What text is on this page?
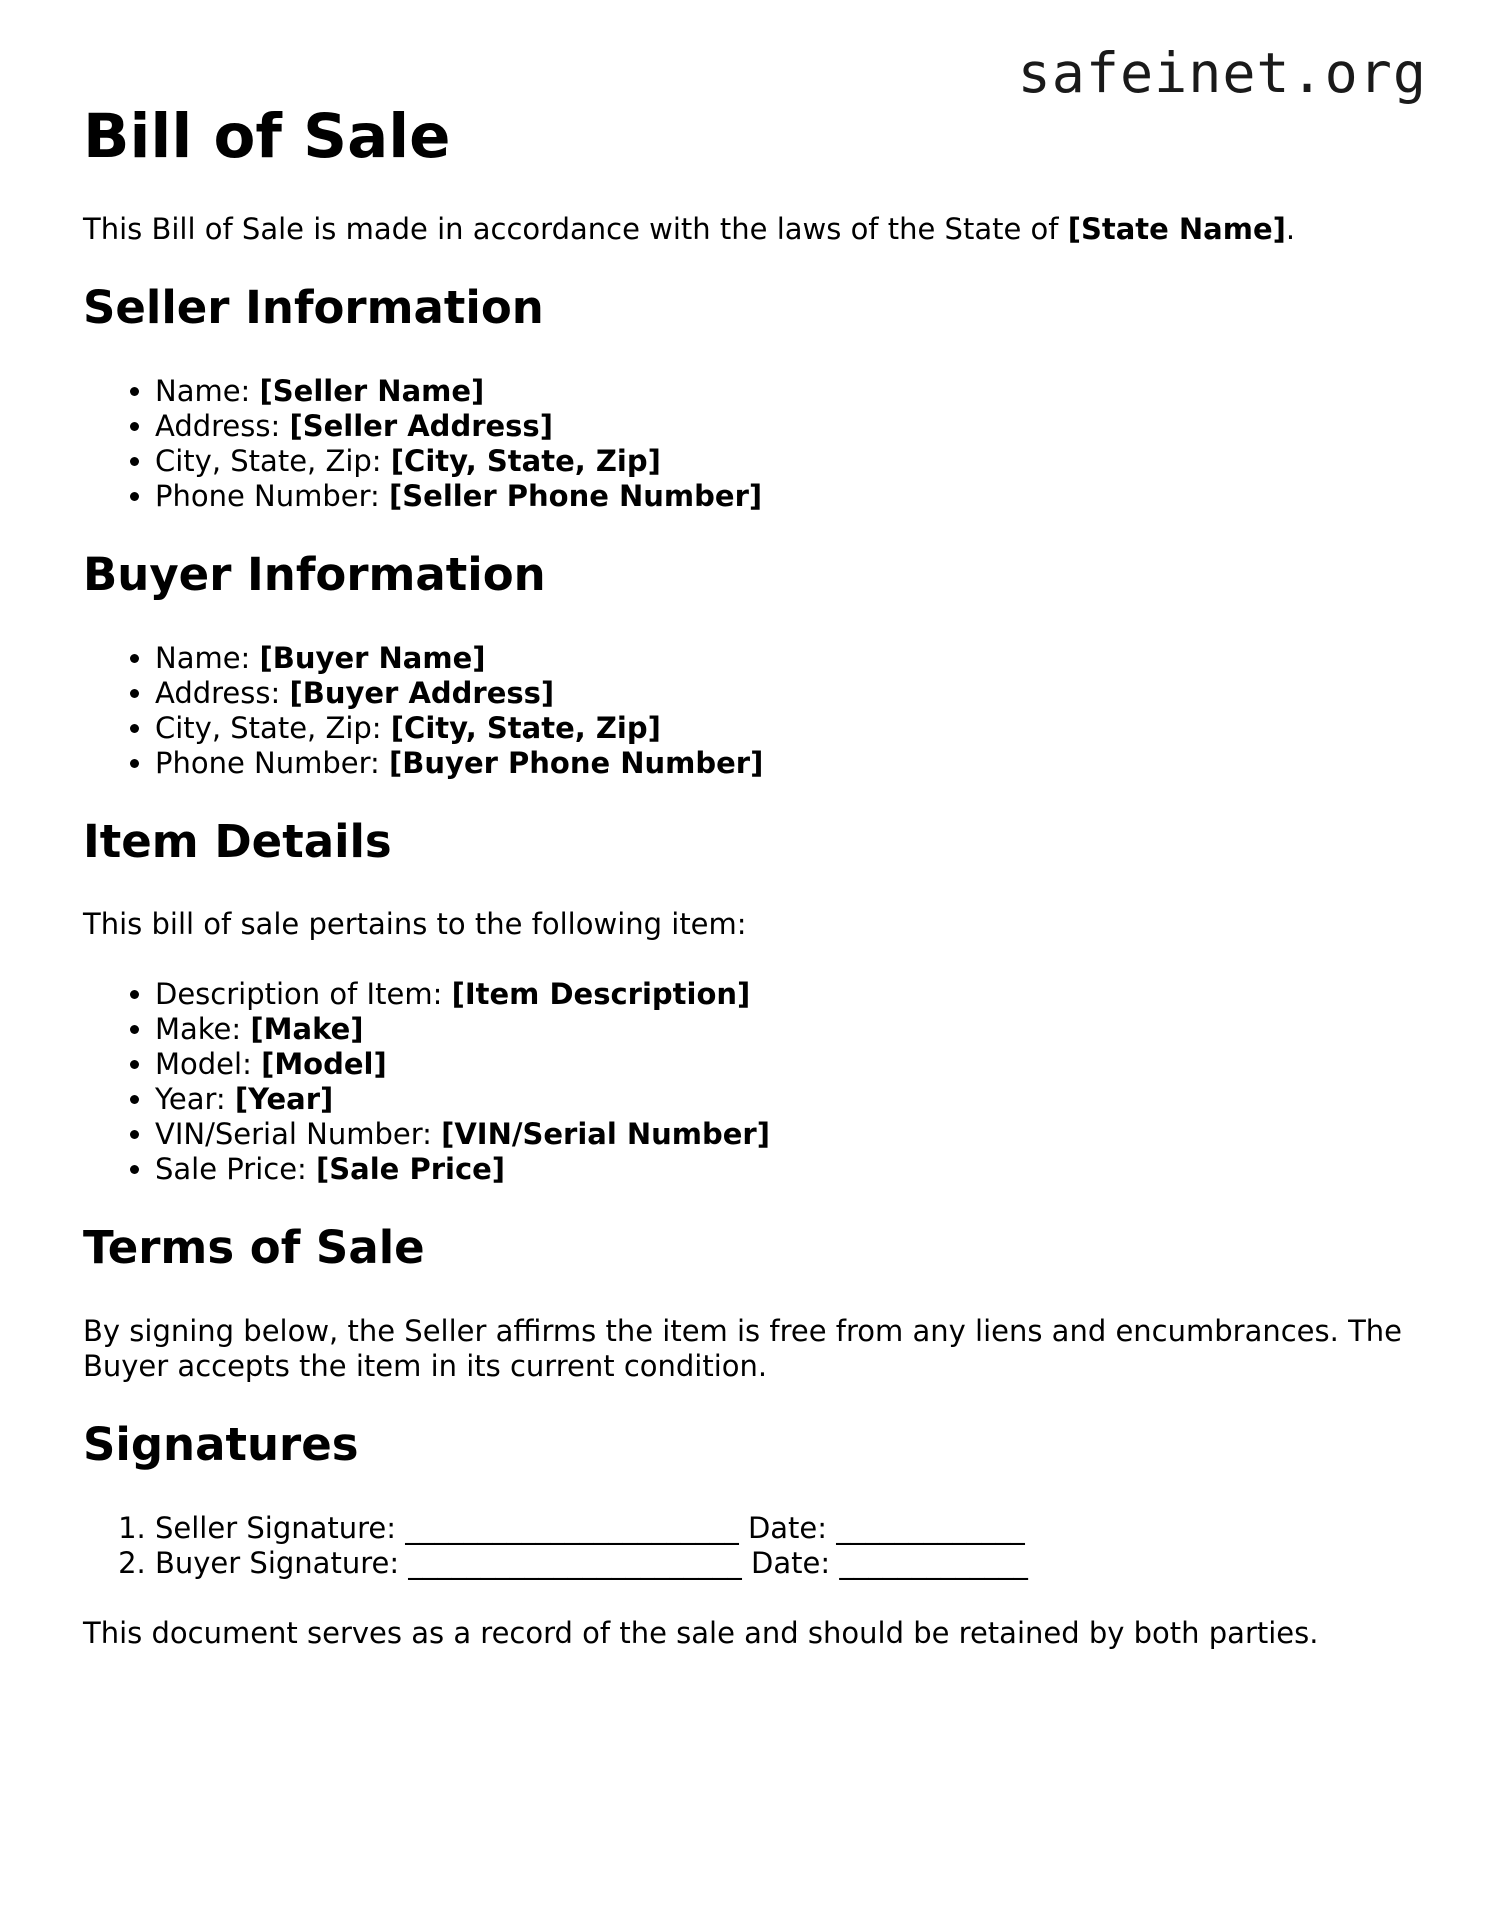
safeinet.org
Bill of Sale

This Bill of Sale is made in accordance with the laws of the State of [State Name].

Seller Information
• Name: [Seller Name]
• Address: [Seller Address]
• City, State, Zip: [City, State, Zip]
• Phone Number: [Seller Phone Number]
Buyer Information
• Name: [Buyer Name]
• Address: [Buyer Address]
• City, State, Zip: [City, State, Zip]
• Phone Number: [Buyer Phone Number]
Item Details

This bill of sale pertains to the following item:

• Description of Item: [Item Description]
• Make: [Make]
• Model: [Model]
• Year: [Year]
• VIN/Serial Number: [VIN/Serial Number]
• Sale Price: [Sale Price]
Terms of Sale

By signing below, the Seller affirms the item is free from any liens and encumbrances. The Buyer accepts the item in its current condition.

Signatures
1. Seller Signature: _______________________ Date: _____________
2. Buyer Signature: _______________________ Date: _____________

This document serves as a record of the sale and should be retained by both parties.
